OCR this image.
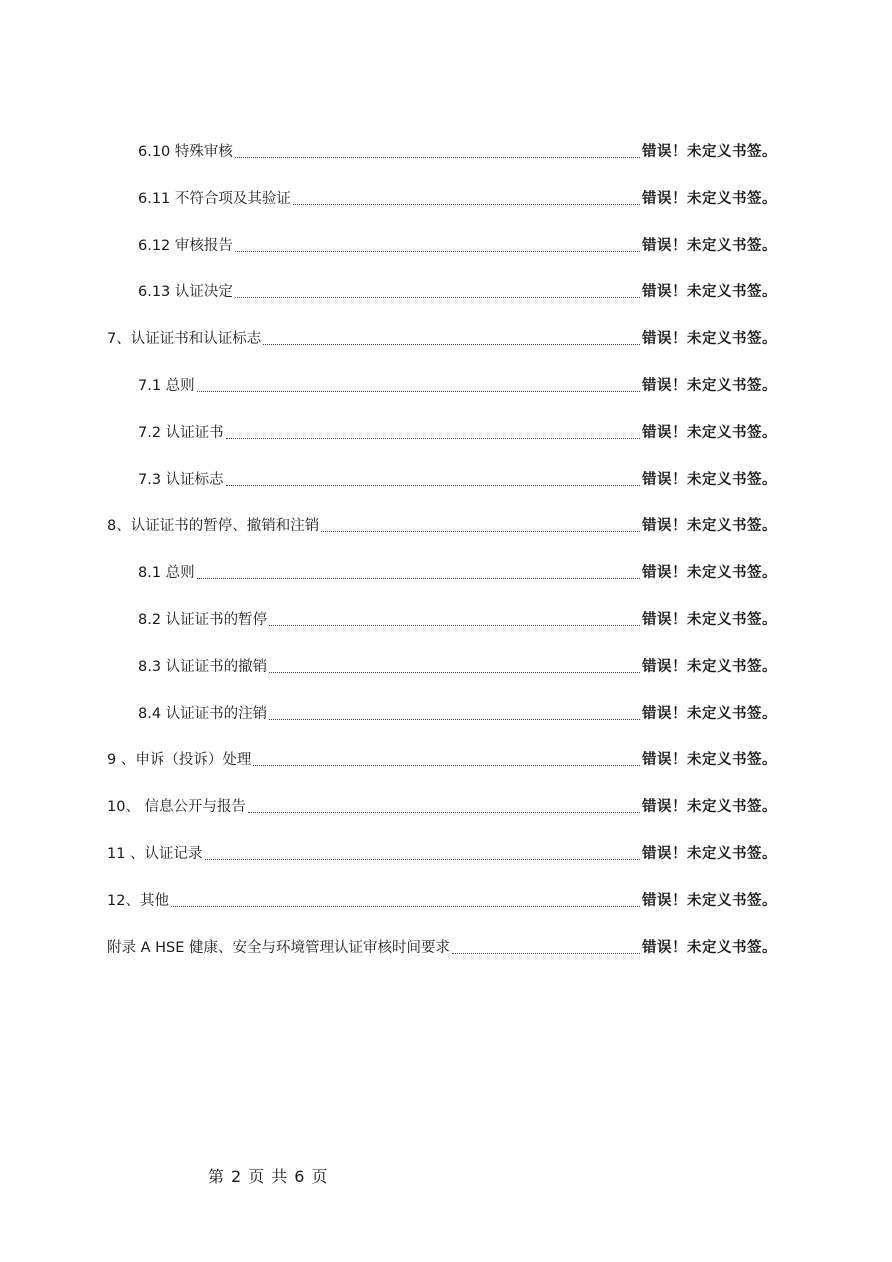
6.10 特殊审核	错误！未定义书签。
6.11 不符合项及其验证	错误！未定义书签。
6.12 审核报告	错误！未定义书签。
6.13 认证决定	错误！未定义书签。
7、认证证书和认证标志	错误！未定义书签。
7.1 总则	错误！未定义书签。
7.2 认证证书	错误！未定义书签。
7.3 认证标志	错误！未定义书签。
8、认证证书的暂停、撤销和注销	错误！未定义书签。
8.1 总则	错误！未定义书签。
8.2 认证证书的暂停	错误！未定义书签。
8.3 认证证书的撤销	错误！未定义书签。
8.4 认证证书的注销	错误！未定义书签。
9 、申诉（投诉）处理	错误！未定义书签。
10、 信息公开与报告	错误！未定义书签。
11 、认证记录	错误！未定义书签。
12、其他	错误！未定义书签。
附录 A HSE 健康、安全与环境管理认证审核时间要求	错误！未定义书签。
第 2 页 共 6 页
